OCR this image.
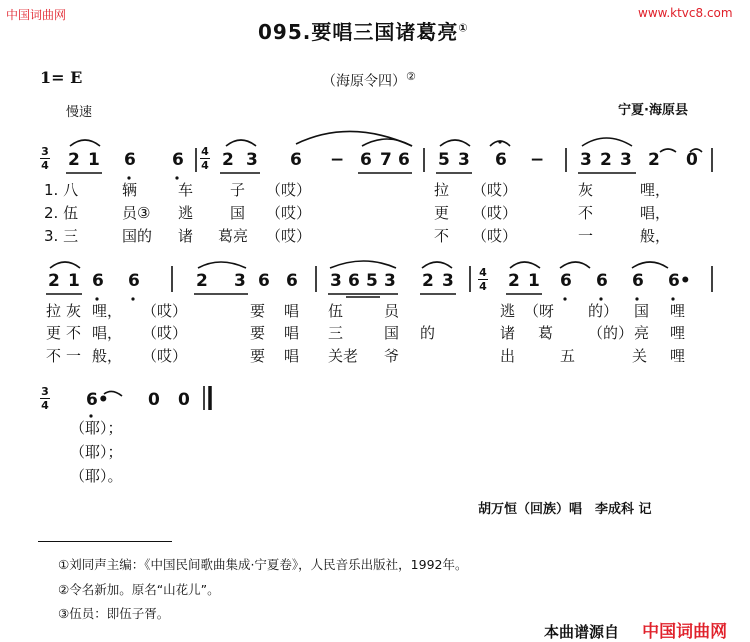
中国词曲网	www.ktvc8.com
095.要唱三国诸葛亮①
1= E	（海原令四）②
慢速	宁夏·海原县
3
4 2 1 6 6 4
4 2 3 6 − 6 7 6 5 3 6 − 3 2 3 2 0
1. 八	辆	车 子 （哎）	拉 （哎）	灰	哩，
2. 伍	员③ 逃 国 （哎）	更 （哎）	不	唱，
3. 三	国的 诸 葛亮 （哎）	不 （哎）	一	般，
2 1 6 6	2 3 6 6 3 6 5 3 2 3 4
4 2 1 6 6 6 6•
拉 灰 哩， （哎）	要 唱 伍	员	逃 （呀 的） 国 哩
更 不 唱， （哎）	要 唱 三	国 的	诸 葛 （的） 亮 哩
不 一 般， （哎）	要 唱 关老 爷	出	五	关 哩
3
4 6• 0 0
（耶）；
（耶）；
（耶）。
胡万恒（回族）唱　李成科 记
①刘同声主编：《中国民间歌曲集成·宁夏卷》，人民音乐出版社，1992年。
②令名新加。原名“山花儿”。
③伍员：即伍子胥。
本曲谱源自 中国词曲网
